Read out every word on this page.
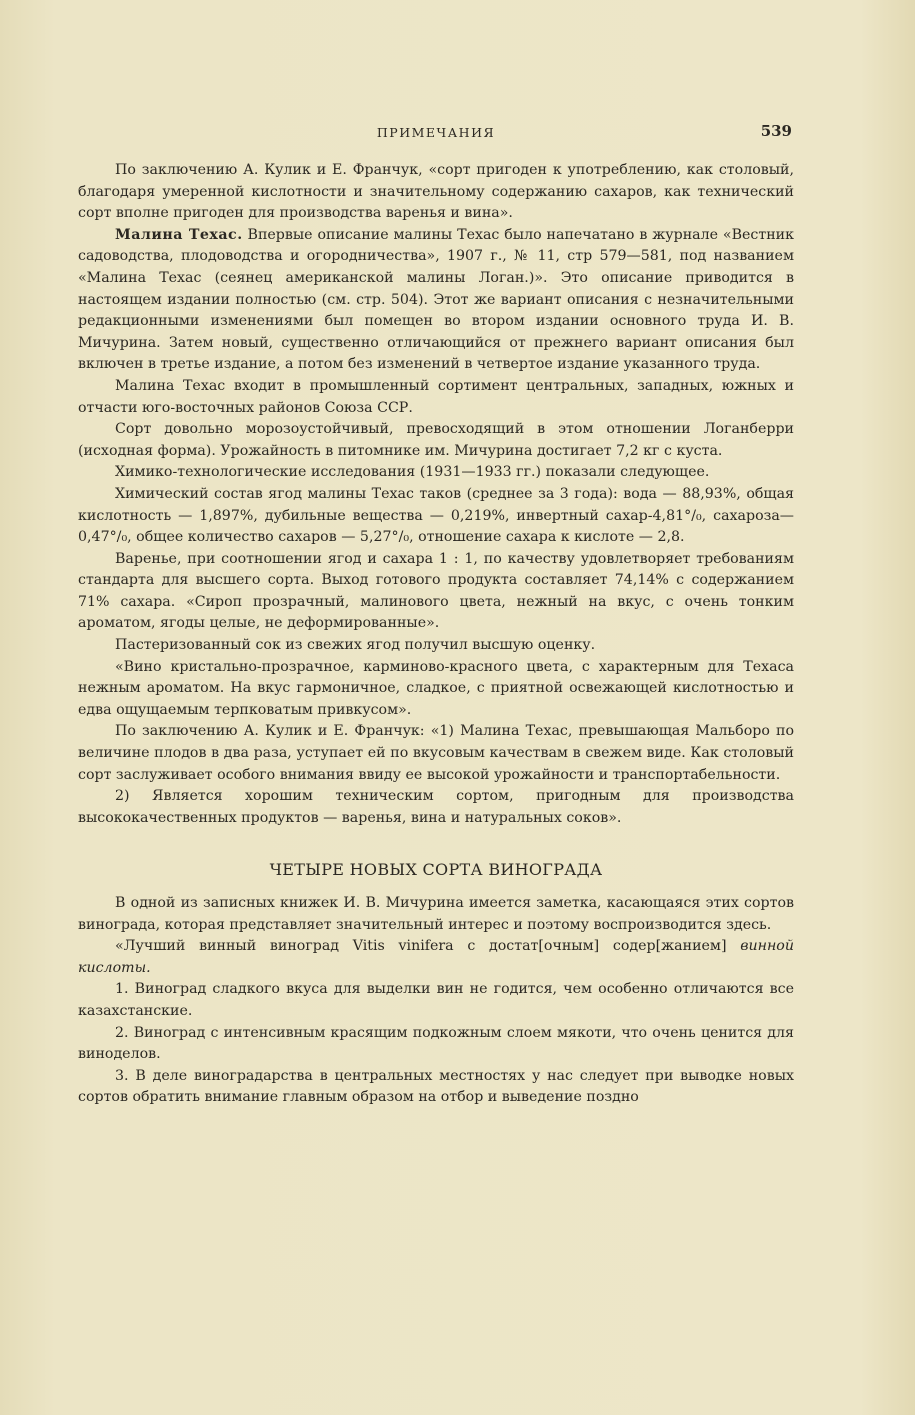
ПРИМЕЧАНИЯ	539

По заключению А. Кулик и Е. Франчук, «сорт пригоден к употреблению, как столовый, благодаря умеренной кислотности и значительному содержанию сахаров, как технический сорт вполне пригоден для производства варенья и вина».

Малина Техас. Впервые описание малины Техас было напечатано в журнале «Вестник садоводства, плодоводства и огородничества», 1907 г., № 11, стр 579—581, под названием «Малина Техас (сеянец американской малины Логан.)». Это описание приводится в настоящем издании полностью (см. стр. 504). Этот же вариант описания с незначительными редакционными изменениями был помещен во втором издании основного труда И. В. Мичурина. Затем новый, существенно отличающийся от прежнего вариант описания был включен в третье издание, а потом без изменений в четвертое издание указанного труда.

Малина Техас входит в промышленный сортимент центральных, западных, южных и отчасти юго-восточных районов Союза ССР.

Сорт довольно морозоустойчивый, превосходящий в этом отношении Логанберри (исходная форма). Урожайность в питомнике им. Мичурина достигает 7,2 кг с куста.

Химико-технологические исследования (1931—1933 гг.) показали следующее.

Химический состав ягод малины Техас таков (среднее за 3 года): вода — 88,93%, общая кислотность — 1,897%, дубильные вещества — 0,219%, инвертный сахар-4,81°/₀, сахароза—0,47°/₀, общее количество сахаров — 5,27°/₀, отношение сахара к кислоте — 2,8.

Варенье, при соотношении ягод и сахара 1 : 1, по качеству удовлетворяет требованиям стандарта для высшего сорта. Выход готового продукта составляет 74,14% с содержанием 71% сахара. «Сироп прозрачный, малинового цвета, нежный на вкус, с очень тонким ароматом, ягоды целые, не деформированные».

Пастеризованный сок из свежих ягод получил высшую оценку.

«Вино кристально-прозрачное, карминово-красного цвета, с характерным для Техаса нежным ароматом. На вкус гармоничное, сладкое, с приятной освежающей кислотностью и едва ощущаемым терпковатым привкусом».

По заключению А. Кулик и Е. Франчук: «1) Малина Техас, превышающая Мальборо по величине плодов в два раза, уступает ей по вкусовым качествам в свежем виде. Как столовый сорт заслуживает особого внимания ввиду ее высокой урожайности и транспортабельности.

2) Является хорошим техническим сортом, пригодным для производства высококачественных продуктов — варенья, вина и натуральных соков».

ЧЕТЫРЕ НОВЫХ СОРТА ВИНОГРАДА

В одной из записных книжек И. В. Мичурина имеется заметка, касающаяся этих сортов винограда, которая представляет значительный интерес и поэтому воспроизводится здесь.

«Лучший винный виноград Vitis vinifera с достат[очным] содер[жанием] винной кислоты.

1. Виноград сладкого вкуса для выделки вин не годится, чем особенно отличаются все казахстанские.

2. Виноград с интенсивным красящим подкожным слоем мякоти, что очень ценится для виноделов.

3. В деле виноградарства в центральных местностях у нас следует при выводке новых сортов обратить внимание главным образом на отбор и выведение поздно
